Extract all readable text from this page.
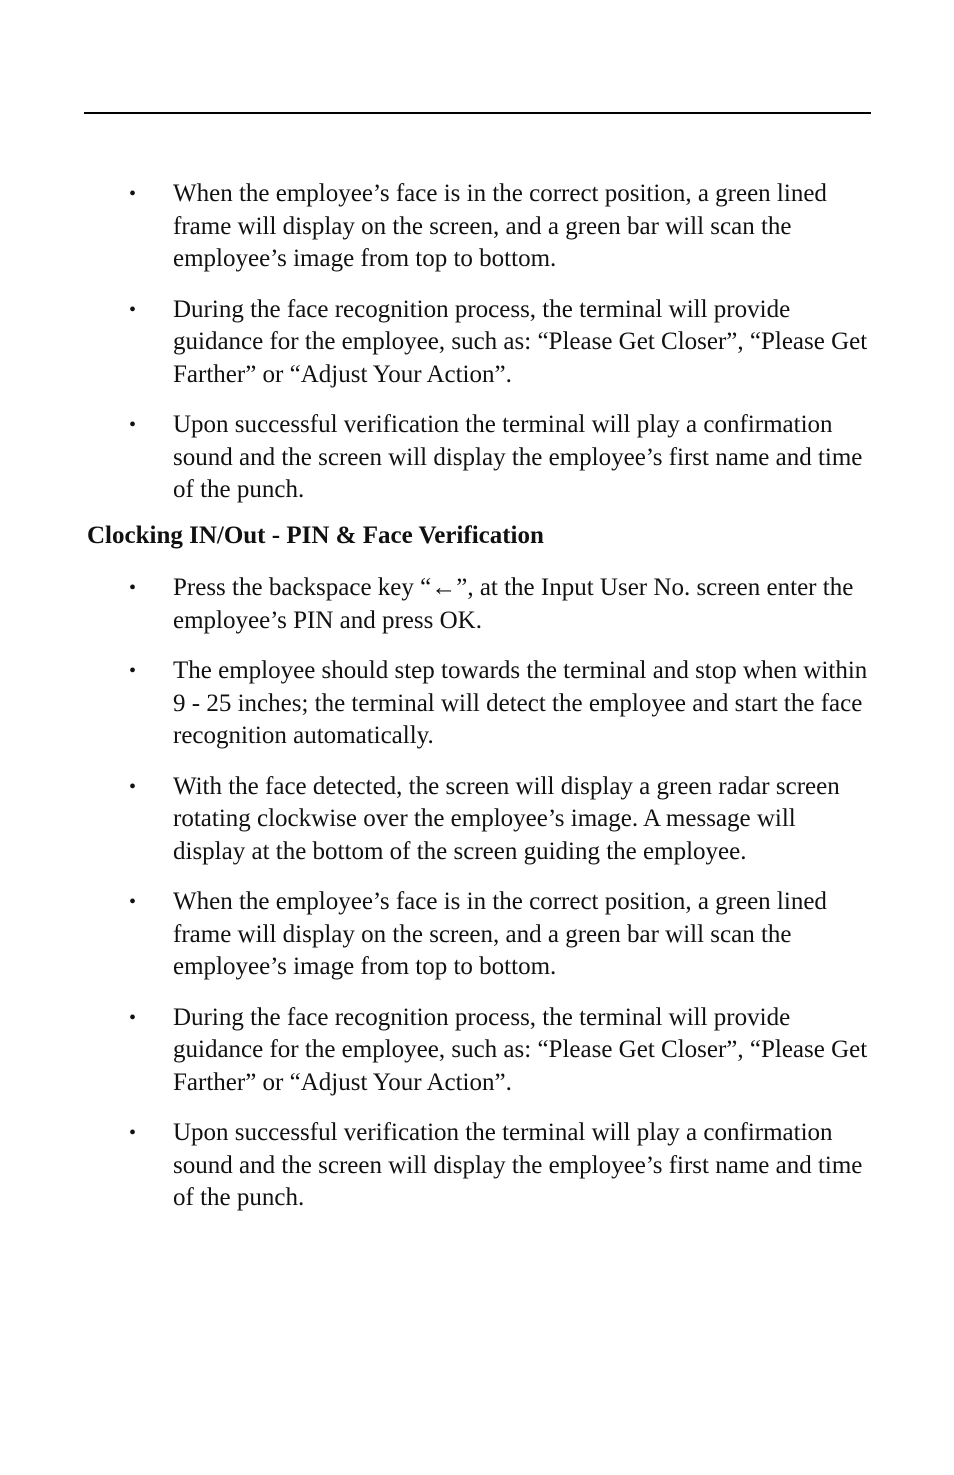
• When the employee’s face is in the correct position, a green lined frame will display on the screen, and a green bar will scan the employee’s image from top to bottom.
• During the face recognition process, the terminal will provide guidance for the employee, such as: “Please Get Closer”, “Please Get Farther” or “Adjust Your Action”.
• Upon successful verification the terminal will play a confirmation sound and the screen will display the employee’s first name and time of the punch.
Clocking IN/Out - PIN & Face Verification
• Press the backspace key “←”, at the Input User No. screen enter the employee’s PIN and press OK.
• The employee should step towards the terminal and stop when within 9 - 25 inches; the terminal will detect the employee and start the face recognition automatically.
• With the face detected, the screen will display a green radar screen rotating clockwise over the employee’s image. A message will display at the bottom of the screen guiding the employee.
• When the employee’s face is in the correct position, a green lined frame will display on the screen, and a green bar will scan the employee’s image from top to bottom.
• During the face recognition process, the terminal will provide guidance for the employee, such as: “Please Get Closer”, “Please Get Farther” or “Adjust Your Action”.
• Upon successful verification the terminal will play a confirmation sound and the screen will display the employee’s first name and time of the punch.
